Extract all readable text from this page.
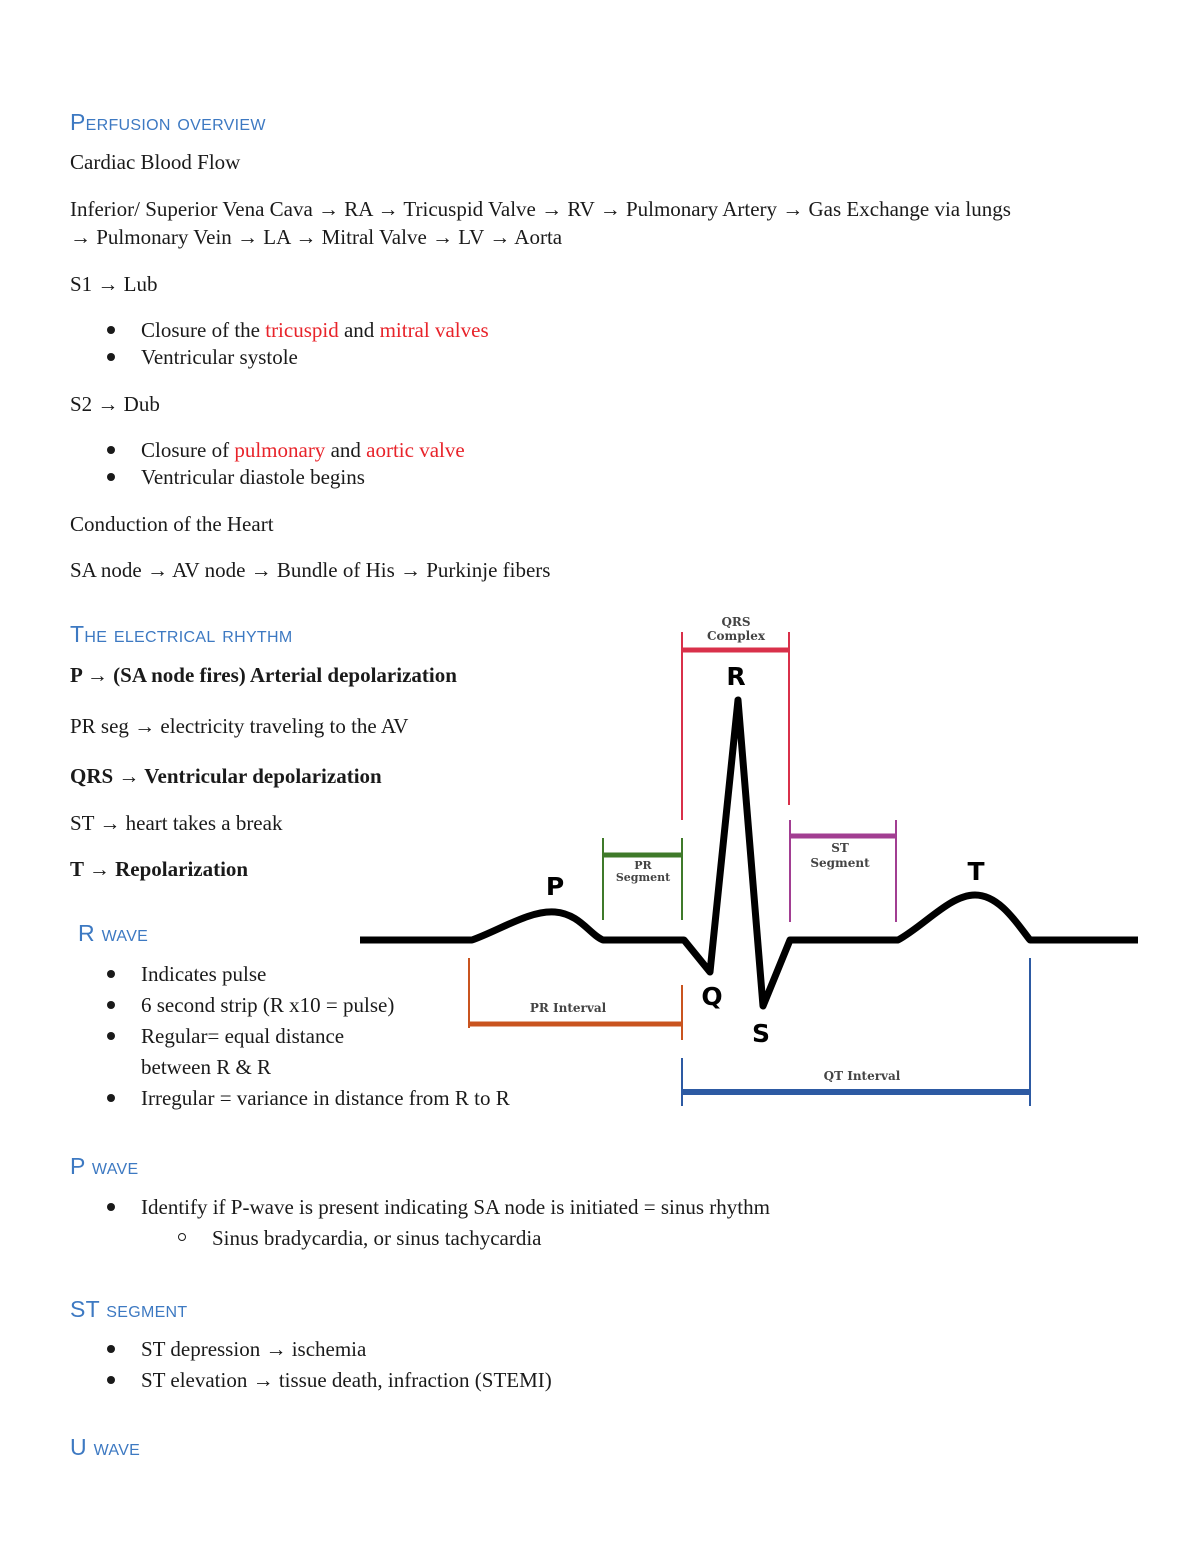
Perfusion overview
Cardiac Blood Flow
Inferior/ Superior Vena Cava → RA → Tricuspid Valve → RV → Pulmonary Artery → Gas Exchange via lungs
→ Pulmonary Vein → LA → Mitral Valve → LV → Aorta
S1 → Lub
Closure of the tricuspid and mitral valves
Ventricular systole
S2 → Dub
Closure of pulmonary and aortic valve
Ventricular diastole begins
Conduction of the Heart
SA node → AV node → Bundle of His → Purkinje fibers
The electrical rhythm
P → (SA node fires) Arterial depolarization
PR seg → electricity traveling to the AV
QRS → Ventricular depolarization
ST → heart takes a break
T → Repolarization
R wave
Indicates pulse
6 second strip (R x10 = pulse)
Regular= equal distance
between R & R
Irregular = variance in distance from R to R
P wave
Identify if P-wave is present indicating SA node is initiated = sinus rhythm
Sinus bradycardia, or sinus tachycardia
ST segment
ST depression → ischemia
ST elevation → tissue death, infraction (STEMI)
U wave
QRS
Complex
PR
Segment
ST
Segment
PR Interval
QT Interval
P
R
Q
S
T
